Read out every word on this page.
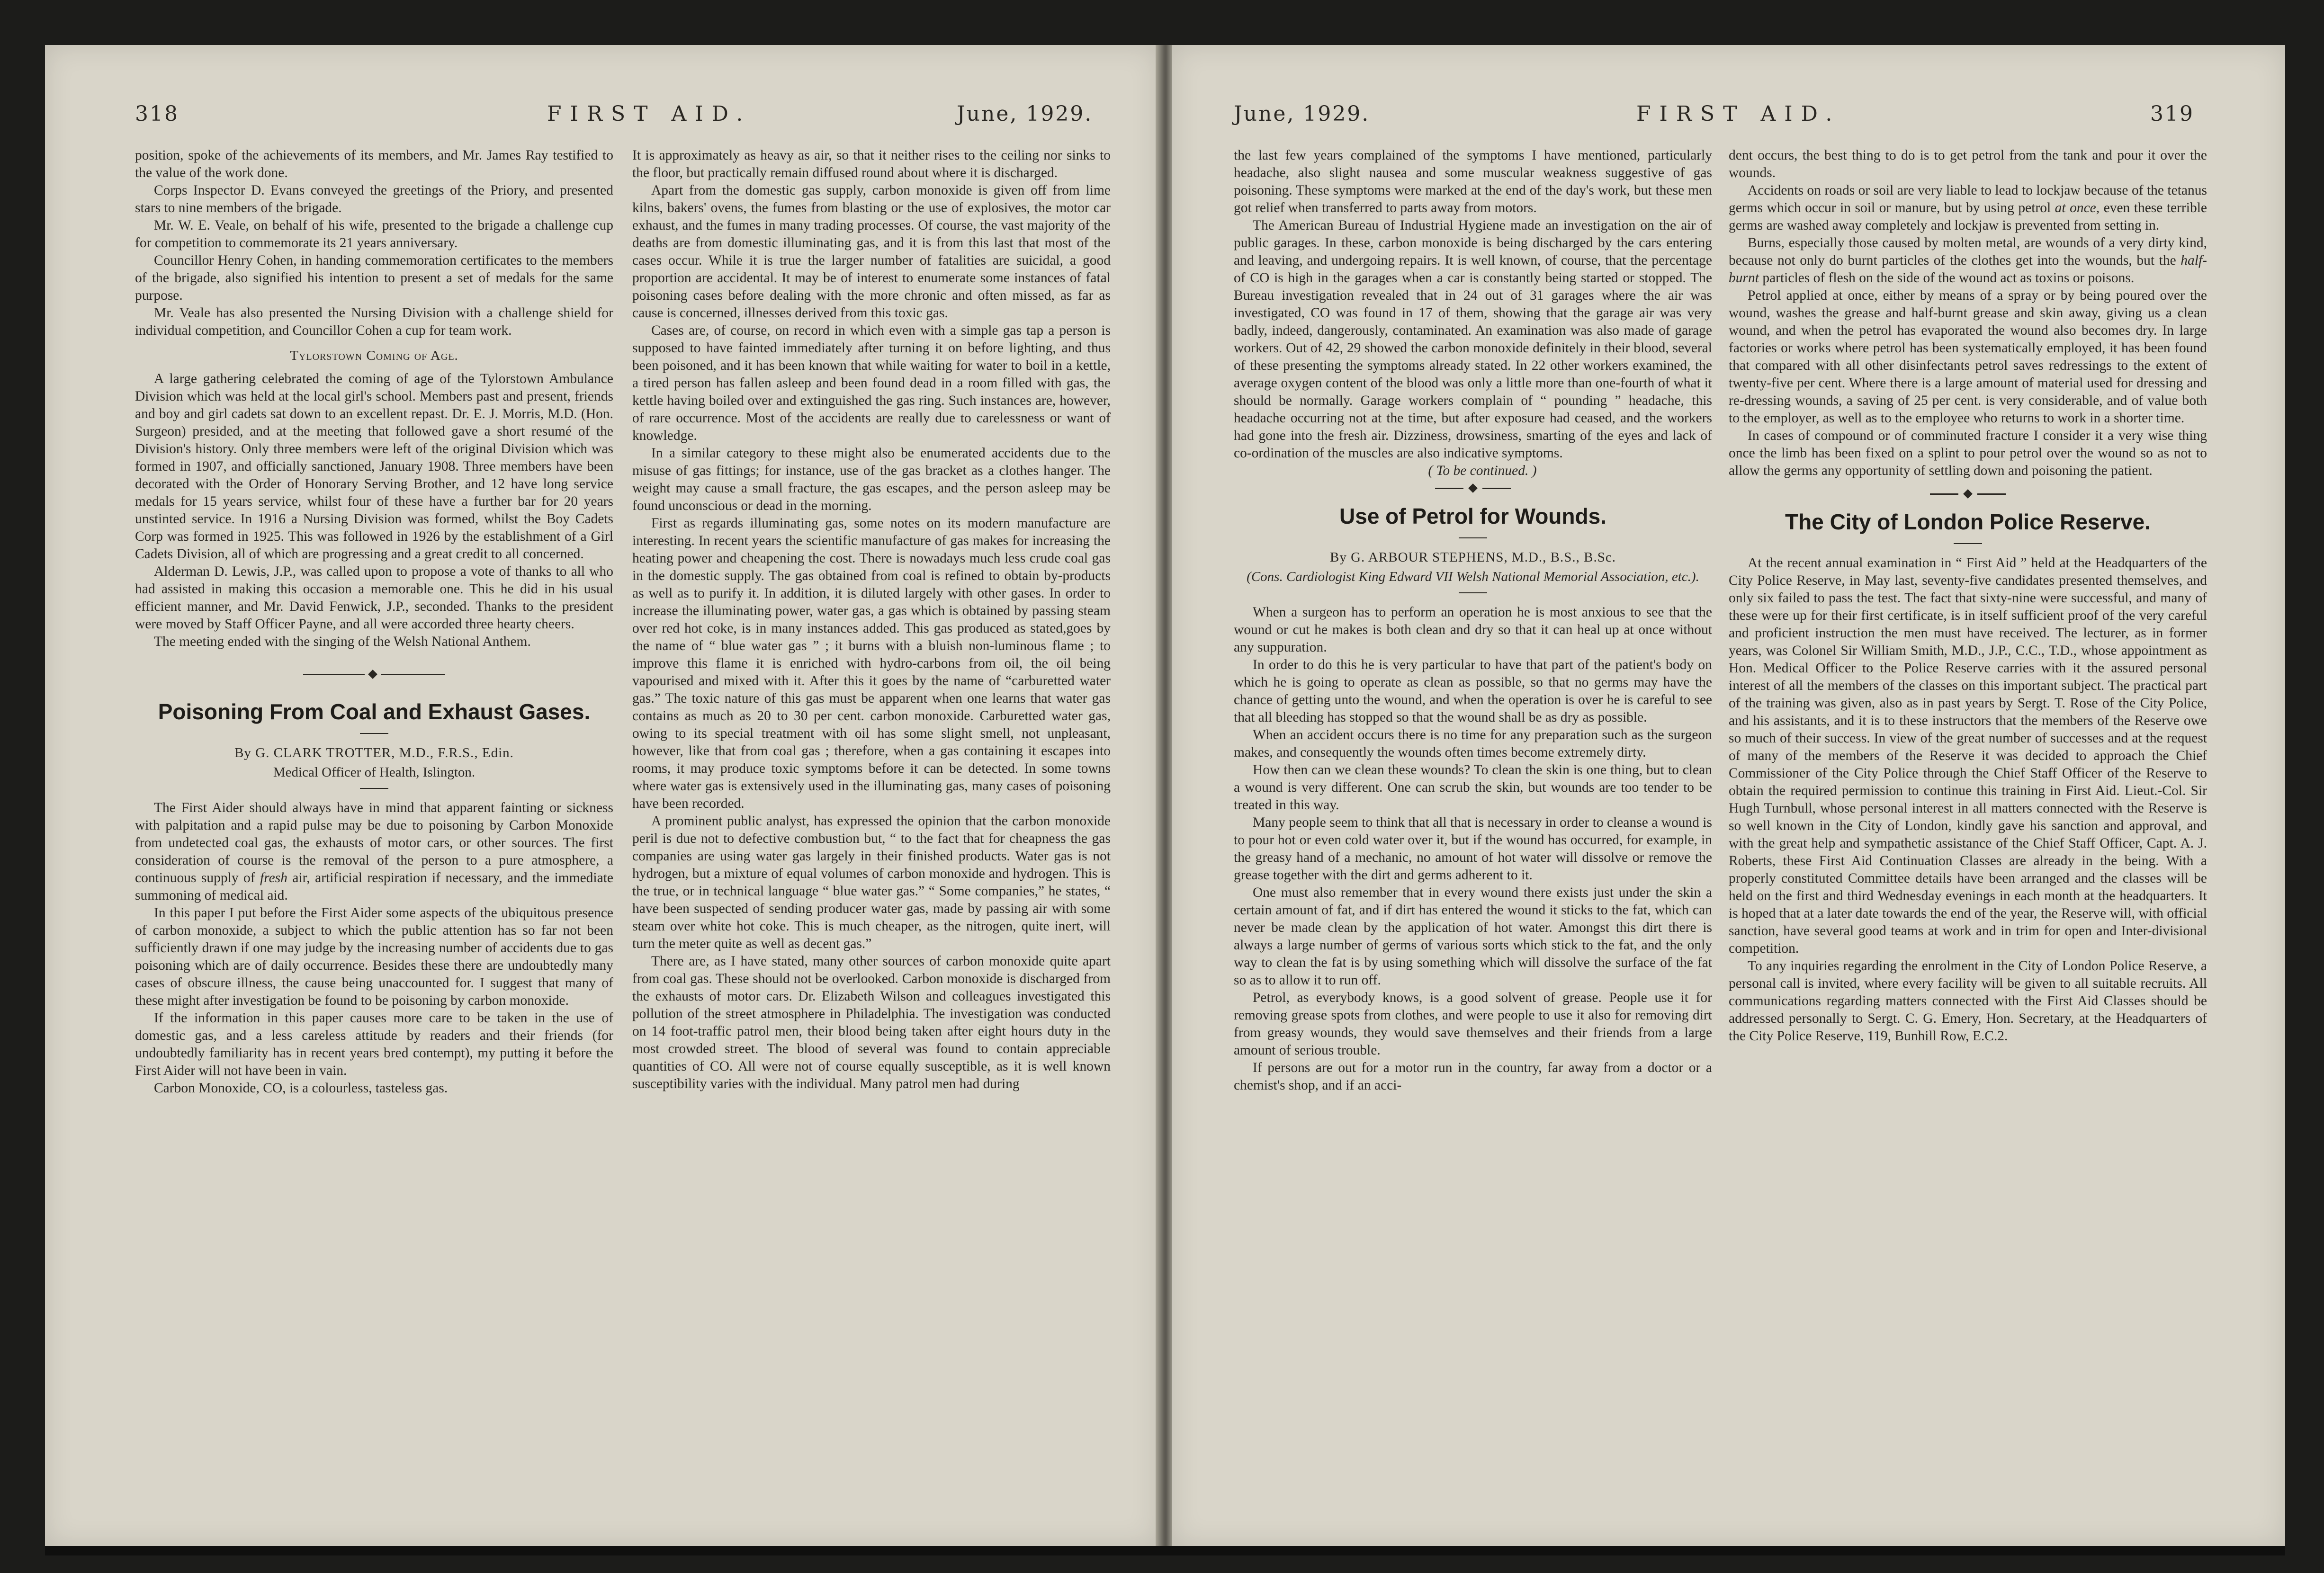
318	FIRST AID.	June, 1929.

position, spoke of the achievements of its members, and Mr. James Ray testified to the value of the work done.

Corps Inspector D. Evans conveyed the greetings of the Priory, and presented stars to nine members of the brigade.

Mr. W. E. Veale, on behalf of his wife, presented to the brigade a challenge cup for competition to commemorate its 21 years anniversary.

Councillor Henry Cohen, in handing commemoration certificates to the members of the brigade, also signified his intention to present a set of medals for the same purpose.

Mr. Veale has also presented the Nursing Division with a challenge shield for individual competition, and Councillor Cohen a cup for team work.

Tylorstown Coming of Age.

A large gathering celebrated the coming of age of the Tylorstown Ambulance Division which was held at the local girl's school. Members past and present, friends and boy and girl cadets sat down to an excellent repast. Dr. E. J. Morris, M.D. (Hon. Surgeon) presided, and at the meeting that followed gave a short resumé of the Division's history. Only three members were left of the original Division which was formed in 1907, and officially sanctioned, January 1908. Three members have been decorated with the Order of Honorary Serving Brother, and 12 have long service medals for 15 years service, whilst four of these have a further bar for 20 years unstinted service. In 1916 a Nursing Division was formed, whilst the Boy Cadets Corp was formed in 1925. This was followed in 1926 by the establishment of a Girl Cadets Division, all of which are progressing and a great credit to all concerned.

Alderman D. Lewis, J.P., was called upon to propose a vote of thanks to all who had assisted in making this occasion a memorable one. This he did in his usual efficient manner, and Mr. David Fenwick, J.P., seconded. Thanks to the president were moved by Staff Officer Payne, and all were accorded three hearty cheers.

The meeting ended with the singing of the Welsh National Anthem.

Poisoning From Coal and Exhaust Gases.
By G. CLARK TROTTER, M.D., F.R.S., Edin.
Medical Officer of Health, Islington.

The First Aider should always have in mind that apparent fainting or sickness with palpitation and a rapid pulse may be due to poisoning by Carbon Monoxide from undetected coal gas, the exhausts of motor cars, or other sources. The first consideration of course is the removal of the person to a pure atmosphere, a continuous supply of fresh air, artificial respiration if necessary, and the immediate summoning of medical aid.

In this paper I put before the First Aider some aspects of the ubiquitous presence of carbon monoxide, a subject to which the public attention has so far not been sufficiently drawn if one may judge by the increasing number of accidents due to gas poisoning which are of daily occurrence. Besides these there are undoubtedly many cases of obscure illness, the cause being unaccounted for. I suggest that many of these might after investigation be found to be poisoning by carbon monoxide.

If the information in this paper causes more care to be taken in the use of domestic gas, and a less careless attitude by readers and their friends (for undoubtedly familiarity has in recent years bred contempt), my putting it before the First Aider will not have been in vain.

Carbon Monoxide, CO, is a colourless, tasteless gas.

It is approximately as heavy as air, so that it neither rises to the ceiling nor sinks to the floor, but practically remain diffused round about where it is discharged.

Apart from the domestic gas supply, carbon monoxide is given off from lime kilns, bakers' ovens, the fumes from blasting or the use of explosives, the motor car exhaust, and the fumes in many trading processes. Of course, the vast majority of the deaths are from domestic illuminating gas, and it is from this last that most of the cases occur. While it is true the larger number of fatalities are suicidal, a good proportion are accidental. It may be of interest to enumerate some instances of fatal poisoning cases before dealing with the more chronic and often missed, as far as cause is concerned, illnesses derived from this toxic gas.

Cases are, of course, on record in which even with a simple gas tap a person is supposed to have fainted immediately after turning it on before lighting, and thus been poisoned, and it has been known that while waiting for water to boil in a kettle, a tired person has fallen asleep and been found dead in a room filled with gas, the kettle having boiled over and extinguished the gas ring. Such instances are, however, of rare occurrence. Most of the accidents are really due to carelessness or want of knowledge.

In a similar category to these might also be enumerated accidents due to the misuse of gas fittings; for instance, use of the gas bracket as a clothes hanger. The weight may cause a small fracture, the gas escapes, and the person asleep may be found unconscious or dead in the morning.

First as regards illuminating gas, some notes on its modern manufacture are interesting. In recent years the scientific manufacture of gas makes for increasing the heating power and cheapening the cost. There is nowadays much less crude coal gas in the domestic supply. The gas obtained from coal is refined to obtain by-products as well as to purify it. In addition, it is diluted largely with other gases. In order to increase the illuminating power, water gas, a gas which is obtained by passing steam over red hot coke, is in many instances added. This gas produced as stated,goes by the name of “ blue water gas ” ; it burns with a bluish non-luminous flame ; to improve this flame it is enriched with hydro-carbons from oil, the oil being vapourised and mixed with it. After this it goes by the name of “carburetted water gas.” The toxic nature of this gas must be apparent when one learns that water gas contains as much as 20 to 30 per cent. carbon monoxide. Carburetted water gas, owing to its special treatment with oil has some slight smell, not unpleasant, however, like that from coal gas ; therefore, when a gas containing it escapes into rooms, it may produce toxic symptoms before it can be detected. In some towns where water gas is extensively used in the illuminating gas, many cases of poisoning have been recorded.

A prominent public analyst, has expressed the opinion that the carbon monoxide peril is due not to defective combustion but, “ to the fact that for cheapness the gas companies are using water gas largely in their finished products. Water gas is not hydrogen, but a mixture of equal volumes of carbon monoxide and hydrogen. This is the true, or in technical language “ blue water gas.” “ Some companies,” he states, “ have been suspected of sending producer water gas, made by passing air with some steam over white hot coke. This is much cheaper, as the nitrogen, quite inert, will turn the meter quite as well as decent gas.”

There are, as I have stated, many other sources of carbon monoxide quite apart from coal gas. These should not be overlooked. Carbon monoxide is discharged from the exhausts of motor cars. Dr. Elizabeth Wilson and colleagues investigated this pollution of the street atmosphere in Philadelphia. The investigation was conducted on 14 foot-traffic patrol men, their blood being taken after eight hours duty in the most crowded street. The blood of several was found to contain appreciable quantities of CO. All were not of course equally susceptible, as it is well known susceptibility varies with the individual. Many patrol men had during

June, 1929.	FIRST AID.	319

the last few years complained of the symptoms I have mentioned, particularly headache, also slight nausea and some muscular weakness suggestive of gas poisoning. These symptoms were marked at the end of the day's work, but these men got relief when transferred to parts away from motors.

The American Bureau of Industrial Hygiene made an investigation on the air of public garages. In these, carbon monoxide is being discharged by the cars entering and leaving, and undergoing repairs. It is well known, of course, that the percentage of CO is high in the garages when a car is constantly being started or stopped. The Bureau investigation revealed that in 24 out of 31 garages where the air was investigated, CO was found in 17 of them, showing that the garage air was very badly, indeed, dangerously, contaminated. An examination was also made of garage workers. Out of 42, 29 showed the carbon monoxide definitely in their blood, several of these presenting the symptoms already stated. In 22 other workers examined, the average oxygen content of the blood was only a little more than one-fourth of what it should be normally. Garage workers complain of “ pounding ” headache, this headache occurring not at the time, but after exposure had ceased, and the workers had gone into the fresh air. Dizziness, drowsiness, smarting of the eyes and lack of co-ordination of the muscles are also indicative symptoms.

( To be continued. )

Use of Petrol for Wounds.
By G. ARBOUR STEPHENS, M.D., B.S., B.Sc.
(Cons. Cardiologist King Edward VII Welsh National Memorial Association, etc.).

When a surgeon has to perform an operation he is most anxious to see that the wound or cut he makes is both clean and dry so that it can heal up at once without any suppuration.

In order to do this he is very particular to have that part of the patient's body on which he is going to operate as clean as possible, so that no germs may have the chance of getting unto the wound, and when the operation is over he is careful to see that all bleeding has stopped so that the wound shall be as dry as possible.

When an accident occurs there is no time for any preparation such as the surgeon makes, and consequently the wounds often times become extremely dirty.

How then can we clean these wounds? To clean the skin is one thing, but to clean a wound is very different. One can scrub the skin, but wounds are too tender to be treated in this way.

Many people seem to think that all that is necessary in order to cleanse a wound is to pour hot or even cold water over it, but if the wound has occurred, for example, in the greasy hand of a mechanic, no amount of hot water will dissolve or remove the grease together with the dirt and germs adherent to it.

One must also remember that in every wound there exists just under the skin a certain amount of fat, and if dirt has entered the wound it sticks to the fat, which can never be made clean by the application of hot water. Amongst this dirt there is always a large number of germs of various sorts which stick to the fat, and the only way to clean the fat is by using something which will dissolve the surface of the fat so as to allow it to run off.

Petrol, as everybody knows, is a good solvent of grease. People use it for removing grease spots from clothes, and were people to use it also for removing dirt from greasy wounds, they would save themselves and their friends from a large amount of serious trouble.

If persons are out for a motor run in the country, far away from a doctor or a chemist's shop, and if an acci-

dent occurs, the best thing to do is to get petrol from the tank and pour it over the wounds.

Accidents on roads or soil are very liable to lead to lockjaw because of the tetanus germs which occur in soil or manure, but by using petrol at once, even these terrible germs are washed away completely and lockjaw is prevented from setting in.

Burns, especially those caused by molten metal, are wounds of a very dirty kind, because not only do burnt particles of the clothes get into the wounds, but the half-burnt particles of flesh on the side of the wound act as toxins or poisons.

Petrol applied at once, either by means of a spray or by being poured over the wound, washes the grease and half-burnt grease and skin away, giving us a clean wound, and when the petrol has evaporated the wound also becomes dry. In large factories or works where petrol has been systematically employed, it has been found that compared with all other disinfectants petrol saves redressings to the extent of twenty-five per cent. Where there is a large amount of material used for dressing and re-dressing wounds, a saving of 25 per cent. is very considerable, and of value both to the employer, as well as to the employee who returns to work in a shorter time.

In cases of compound or of comminuted fracture I consider it a very wise thing once the limb has been fixed on a splint to pour petrol over the wound so as not to allow the germs any opportunity of settling down and poisoning the patient.

The City of London Police Reserve.

At the recent annual examination in “ First Aid ” held at the Headquarters of the City Police Reserve, in May last, seventy-five candidates presented themselves, and only six failed to pass the test. The fact that sixty-nine were successful, and many of these were up for their first certificate, is in itself sufficient proof of the very careful and proficient instruction the men must have received. The lecturer, as in former years, was Colonel Sir William Smith, M.D., J.P., C.C., T.D., whose appointment as Hon. Medical Officer to the Police Reserve carries with it the assured personal interest of all the members of the classes on this important subject. The practical part of the training was given, also as in past years by Sergt. T. Rose of the City Police, and his assistants, and it is to these instructors that the members of the Reserve owe so much of their success. In view of the great number of successes and at the request of many of the members of the Reserve it was decided to approach the Chief Commissioner of the City Police through the Chief Staff Officer of the Reserve to obtain the required permission to continue this training in First Aid. Lieut.-Col. Sir Hugh Turnbull, whose personal interest in all matters connected with the Reserve is so well known in the City of London, kindly gave his sanction and approval, and with the great help and sympathetic assistance of the Chief Staff Officer, Capt. A. J. Roberts, these First Aid Continuation Classes are already in the being. With a properly constituted Committee details have been arranged and the classes will be held on the first and third Wednesday evenings in each month at the headquarters. It is hoped that at a later date towards the end of the year, the Reserve will, with official sanction, have several good teams at work and in trim for open and Inter-divisional competition.

To any inquiries regarding the enrolment in the City of London Police Reserve, a personal call is invited, where every facility will be given to all suitable recruits. All communications regarding matters connected with the First Aid Classes should be addressed personally to Sergt. C. G. Emery, Hon. Secretary, at the Headquarters of the City Police Reserve, 119, Bunhill Row, E.C.2.
